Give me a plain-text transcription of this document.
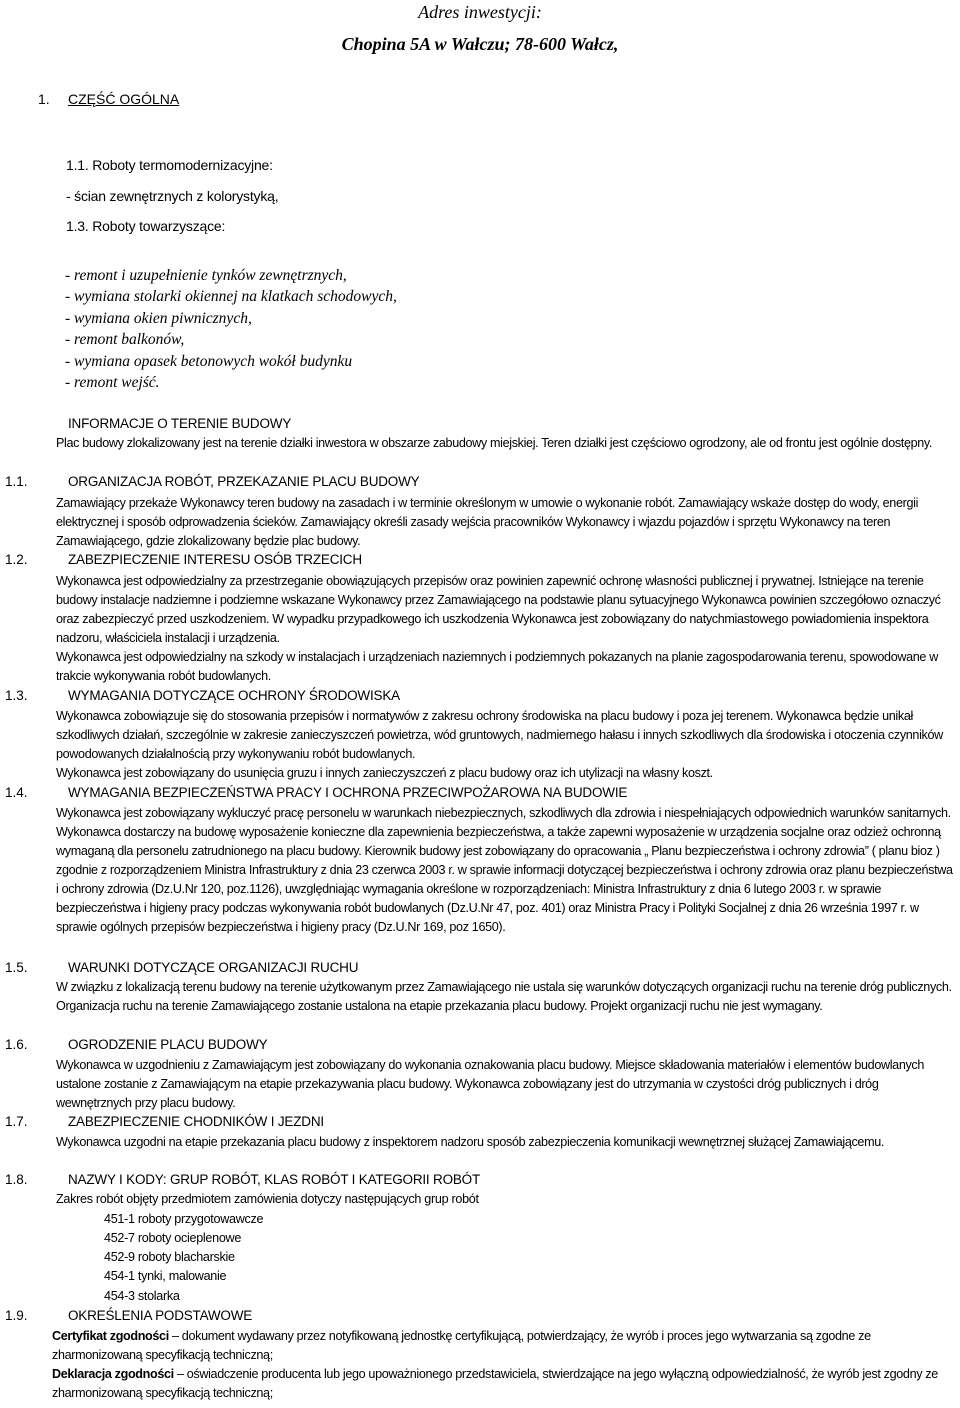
Adres inwestycji:
Chopina 5A w Wałczu; 78-600 Wałcz,
1. CZĘŚĆ OGÓLNA
1.1. Roboty termomodernizacyjne:
- ścian zewnętrznych z kolorystyką,
1.3. Roboty towarzyszące:
- remont i uzupełnienie tynków zewnętrznych,
- wymiana stolarki okiennej na klatkach schodowych,
- wymiana okien piwnicznych,
- remont balkonów,
- wymiana opasek betonowych wokół budynku
- remont wejść.
INFORMACJE O TERENIE BUDOWY

Plac budowy zlokalizowany jest na terenie działki inwestora w obszarze zabudowy miejskiej. Teren działki jest częściowo ogrodzony, ale od frontu jest ogólnie dostępny.

1.1.	ORGANIZACJA ROBÓT, PRZEKAZANIE PLACU BUDOWY

Zamawiający przekaże Wykonawcy teren budowy na zasadach i w terminie określonym w umowie o wykonanie robót. Zamawiający wskaże dostęp do wody, energii elektrycznej i sposób odprowadzenia ścieków. Zamawiający określi zasady wejścia pracowników Wykonawcy i wjazdu pojazdów i sprzętu Wykonawcy na teren Zamawiającego, gdzie zlokalizowany będzie plac budowy.

1.2.	ZABEZPIECZENIE INTERESU OSÓB TRZECICH

Wykonawca jest odpowiedzialny za przestrzeganie obowiązujących przepisów oraz powinien zapewnić ochronę własności publicznej i prywatnej. Istniejące na terenie budowy instalacje nadziemne i podziemne wskazane Wykonawcy przez Zamawiającego na podstawie planu sytuacyjnego Wykonawca powinien szczegółowo oznaczyć oraz zabezpieczyć przed uszkodzeniem. W wypadku przypadkowego ich uszkodzenia Wykonawca jest zobowiązany do natychmiastowego powiadomienia inspektora nadzoru, właściciela instalacji i urządzenia.

Wykonawca jest odpowiedzialny na szkody w instalacjach i urządzeniach naziemnych i podziemnych pokazanych na planie zagospodarowania terenu, spowodowane w trakcie wykonywania robót budowlanych.

1.3.	WYMAGANIA DOTYCZĄCE OCHRONY ŚRODOWISKA

Wykonawca zobowiązuje się do stosowania przepisów i normatywów z zakresu ochrony środowiska na placu budowy i poza jej terenem. Wykonawca będzie unikał szkodliwych działań, szczególnie w zakresie zanieczyszczeń powietrza, wód gruntowych, nadmiernego hałasu i innych szkodliwych dla środowiska i otoczenia czynników powodowanych działalnością przy wykonywaniu robót budowlanych.

Wykonawca jest zobowiązany do usunięcia gruzu i innych zanieczyszczeń z placu budowy oraz ich utylizacji na własny koszt.

1.4.	WYMAGANIA BEZPIECZEŃSTWA PRACY I OCHRONA PRZECIWPOŻAROWA NA BUDOWIE

Wykonawca jest zobowiązany wykluczyć pracę personelu w warunkach niebezpiecznych, szkodliwych dla zdrowia i niespełniających odpowiednich warunków sanitarnych. Wykonawca dostarczy na budowę wyposażenie konieczne dla zapewnienia bezpieczeństwa, a także zapewni wyposażenie w urządzenia socjalne oraz odzież ochronną wymaganą dla personelu zatrudnionego na placu budowy. Kierownik budowy jest zobowiązany do opracowania „ Planu bezpieczeństwa i ochrony zdrowia” ( planu bioz ) zgodnie z rozporządzeniem Ministra Infrastruktury z dnia 23 czerwca 2003 r. w sprawie informacji dotyczącej bezpieczeństwa i ochrony zdrowia oraz planu bezpieczeństwa i ochrony zdrowia (Dz.U.Nr 120, poz.1126), uwzględniając wymagania określone w rozporządzeniach: Ministra Infrastruktury z dnia 6 lutego 2003 r. w sprawie bezpieczeństwa i higieny pracy podczas wykonywania robót budowlanych (Dz.U.Nr 47, poz. 401) oraz Ministra Pracy i Polityki Socjalnej z dnia 26 września 1997 r. w sprawie ogólnych przepisów bezpieczeństwa i higieny pracy (Dz.U.Nr 169, poz 1650).

1.5.	WARUNKI DOTYCZĄCE ORGANIZACJI RUCHU

W związku z lokalizacją terenu budowy na terenie użytkowanym przez Zamawiającego nie ustala się warunków dotyczących organizacji ruchu na terenie dróg publicznych. Organizacja ruchu na terenie Zamawiającego zostanie ustalona na etapie przekazania placu budowy. Projekt organizacji ruchu nie jest wymagany.

1.6.	OGRODZENIE PLACU BUDOWY

Wykonawca w uzgodnieniu z Zamawiającym jest zobowiązany do wykonania oznakowania placu budowy. Miejsce składowania materiałów i elementów budowlanych ustalone zostanie z Zamawiającym na etapie przekazywania placu budowy. Wykonawca zobowiązany jest do utrzymania w czystości dróg publicznych i dróg wewnętrznych przy placu budowy.

1.7.	ZABEZPIECZENIE CHODNIKÓW I JEZDNI

Wykonawca uzgodni na etapie przekazania placu budowy z inspektorem nadzoru sposób zabezpieczenia komunikacji wewnętrznej służącej Zamawiającemu.

1.8.	NAZWY I KODY: GRUP ROBÓT, KLAS ROBÓT I KATEGORII ROBÓT
Zakres robót objęty przedmiotem zamówienia dotyczy następujących grup robót
451-1 roboty przygotowawcze
452-7 roboty ocieplenowe
452-9 roboty blacharskie
454-1 tynki, malowanie
454-3 stolarka
1.9.	OKREŚLENIA PODSTAWOWE

Certyfikat zgodności – dokument wydawany przez notyfikowaną jednostkę certyfikującą, potwierdzający, że wyrób i proces jego wytwarzania są zgodne ze zharmonizowaną specyfikacją techniczną;

Deklaracja zgodności – oświadczenie producenta lub jego upoważnionego przedstawiciela, stwierdzające na jego wyłączną odpowiedzialność, że wyrób jest zgodny ze zharmonizowaną specyfikacją techniczną;
